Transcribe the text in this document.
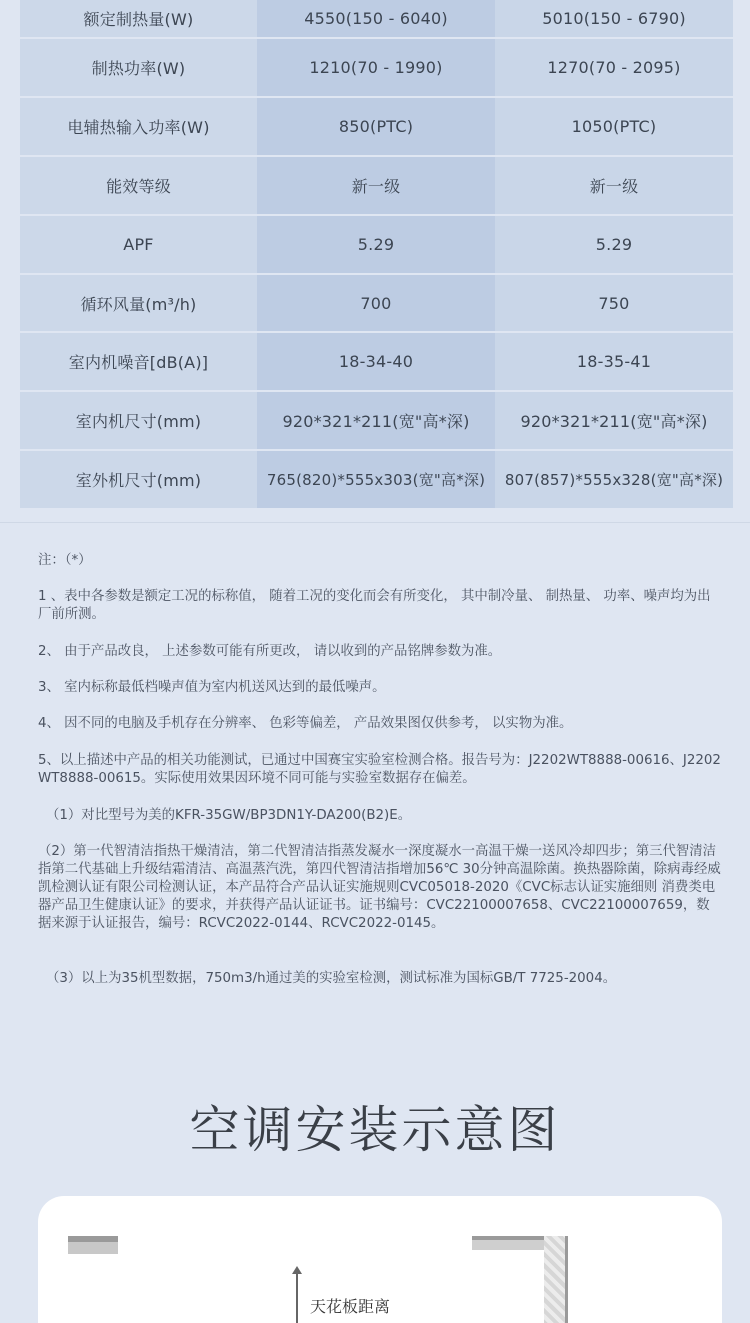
额定制热量(W)	4550(150 - 6040)	5010(150 - 6790)
制热功率(W)	1210(70 - 1990)	1270(70 - 2095)
电辅热输入功率(W)	850(PTC)	1050(PTC)
能效等级	新一级	新一级
APF	5.29	5.29
循环风量(m³/h)	700	750
室内机噪音[dB(A)]	18-34-40	18-35-41
室内机尺寸(mm)	920*321*211(宽"高*深)	920*321*211(宽"高*深)
室外机尺寸(mm)	765(820)*555x303(宽"高*深)	807(857)*555x328(宽"高*深)

注：（*）

1 、表中各参数是额定工况的标称值， 随着工况的变化而会有所变化， 其中制冷量、 制热量、 功率、噪声均为出厂前所测。

2、 由于产品改良， 上述参数可能有所更改， 请以收到的产品铭牌参数为准。

3、 室内标称最低档噪声值为室内机送风达到的最低噪声。

4、 因不同的电脑及手机存在分辨率、 色彩等偏差， 产品效果图仅供参考， 以实物为准。

5、以上描述中产品的相关功能测试，已通过中国赛宝实验室检测合格。报告号为：J2202WT8888-00616、J2202WT8888-00615。实际使用效果因环境不同可能与实验室数据存在偏差。

（1）对比型号为美的KFR-35GW/BP3DN1Y-DA200(B2)E。

（2）第一代智清洁指热干燥清洁，第二代智清洁指蒸发凝水一深度凝水一高温干燥一送风冷却四步；第三代智清洁指第二代基础上升级结霜清洁、高温蒸汽洗，第四代智清洁指增加56℃ 30分钟高温除菌。换热器除菌，除病毒经威凯检测认证有限公司检测认证，本产品符合产品认证实施规则CVC05018-2020《CVC标志认证实施细则 消费类电器产品卫生健康认证》的要求，并获得产品认证证书。证书编号：CVC22100007658、CVC22100007659，数据来源于认证报告，编号：RCVC2022-0144、RCVC2022-0145。

（3）以上为35机型数据，750m3/h通过美的实验室检测，测试标准为国标GB/T 7725-2004。

空调安装示意图
天花板距离
